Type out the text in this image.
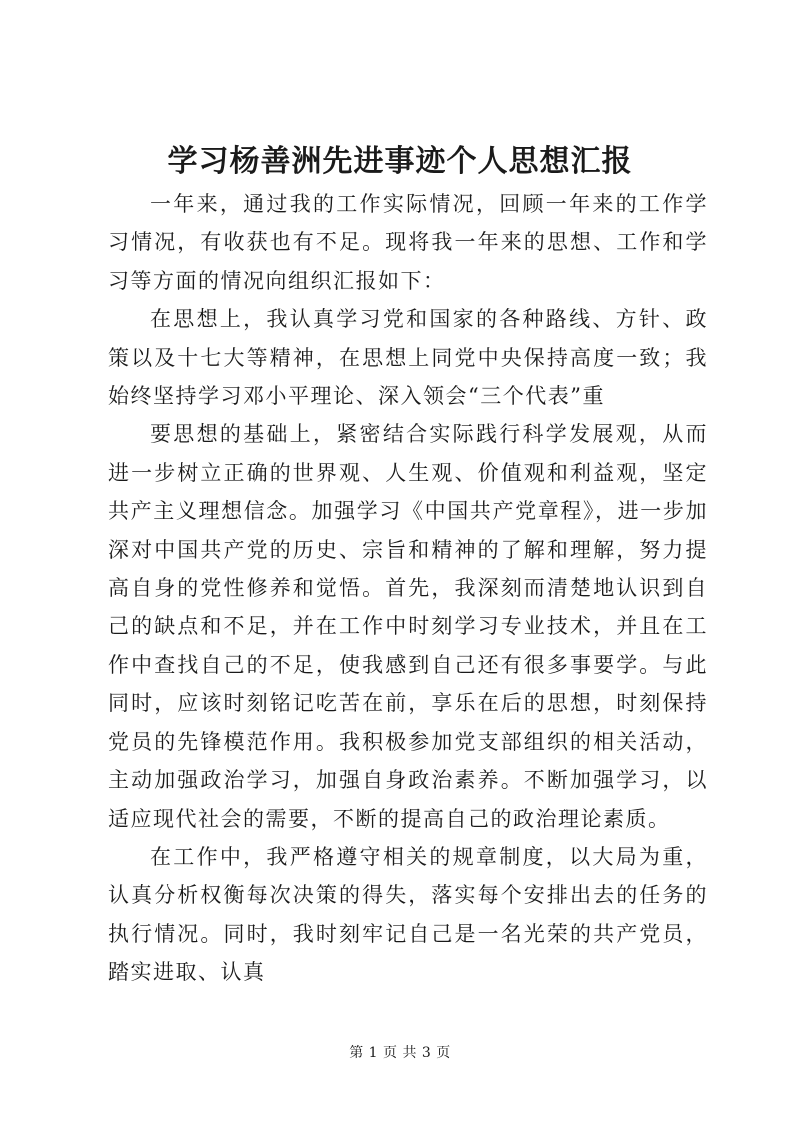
学习杨善洲先进事迹个人思想汇报

一年来，通过我的工作实际情况，回顾一年来的工作学习情况，有收获也有不足。现将我一年来的思想、工作和学习等方面的情况向组织汇报如下：

在思想上，我认真学习党和国家的各种路线、方针、政策以及十七大等精神，在思想上同党中央保持高度一致；我始终坚持学习邓小平理论、深入领会“三个代表”重

要思想的基础上，紧密结合实际践行科学发展观，从而进一步树立正确的世界观、人生观、价值观和利益观，坚定共产主义理想信念。加强学习《中国共产党章程》，进一步加深对中国共产党的历史、宗旨和精神的了解和理解，努力提高自身的党性修养和觉悟。首先，我深刻而清楚地认识到自己的缺点和不足，并在工作中时刻学习专业技术，并且在工作中查找自己的不足，使我感到自己还有很多事要学。与此同时，应该时刻铭记吃苦在前，享乐在后的思想，时刻保持党员的先锋模范作用。我积极参加党支部组织的相关活动，主动加强政治学习，加强自身政治素养。不断加强学习，以适应现代社会的需要，不断的提高自己的政治理论素质。

在工作中，我严格遵守相关的规章制度，以大局为重，认真分析权衡每次决策的得失，落实每个安排出去的任务的执行情况。同时，我时刻牢记自己是一名光荣的共产党员，踏实进取、认真

第 1 页 共 3 页
